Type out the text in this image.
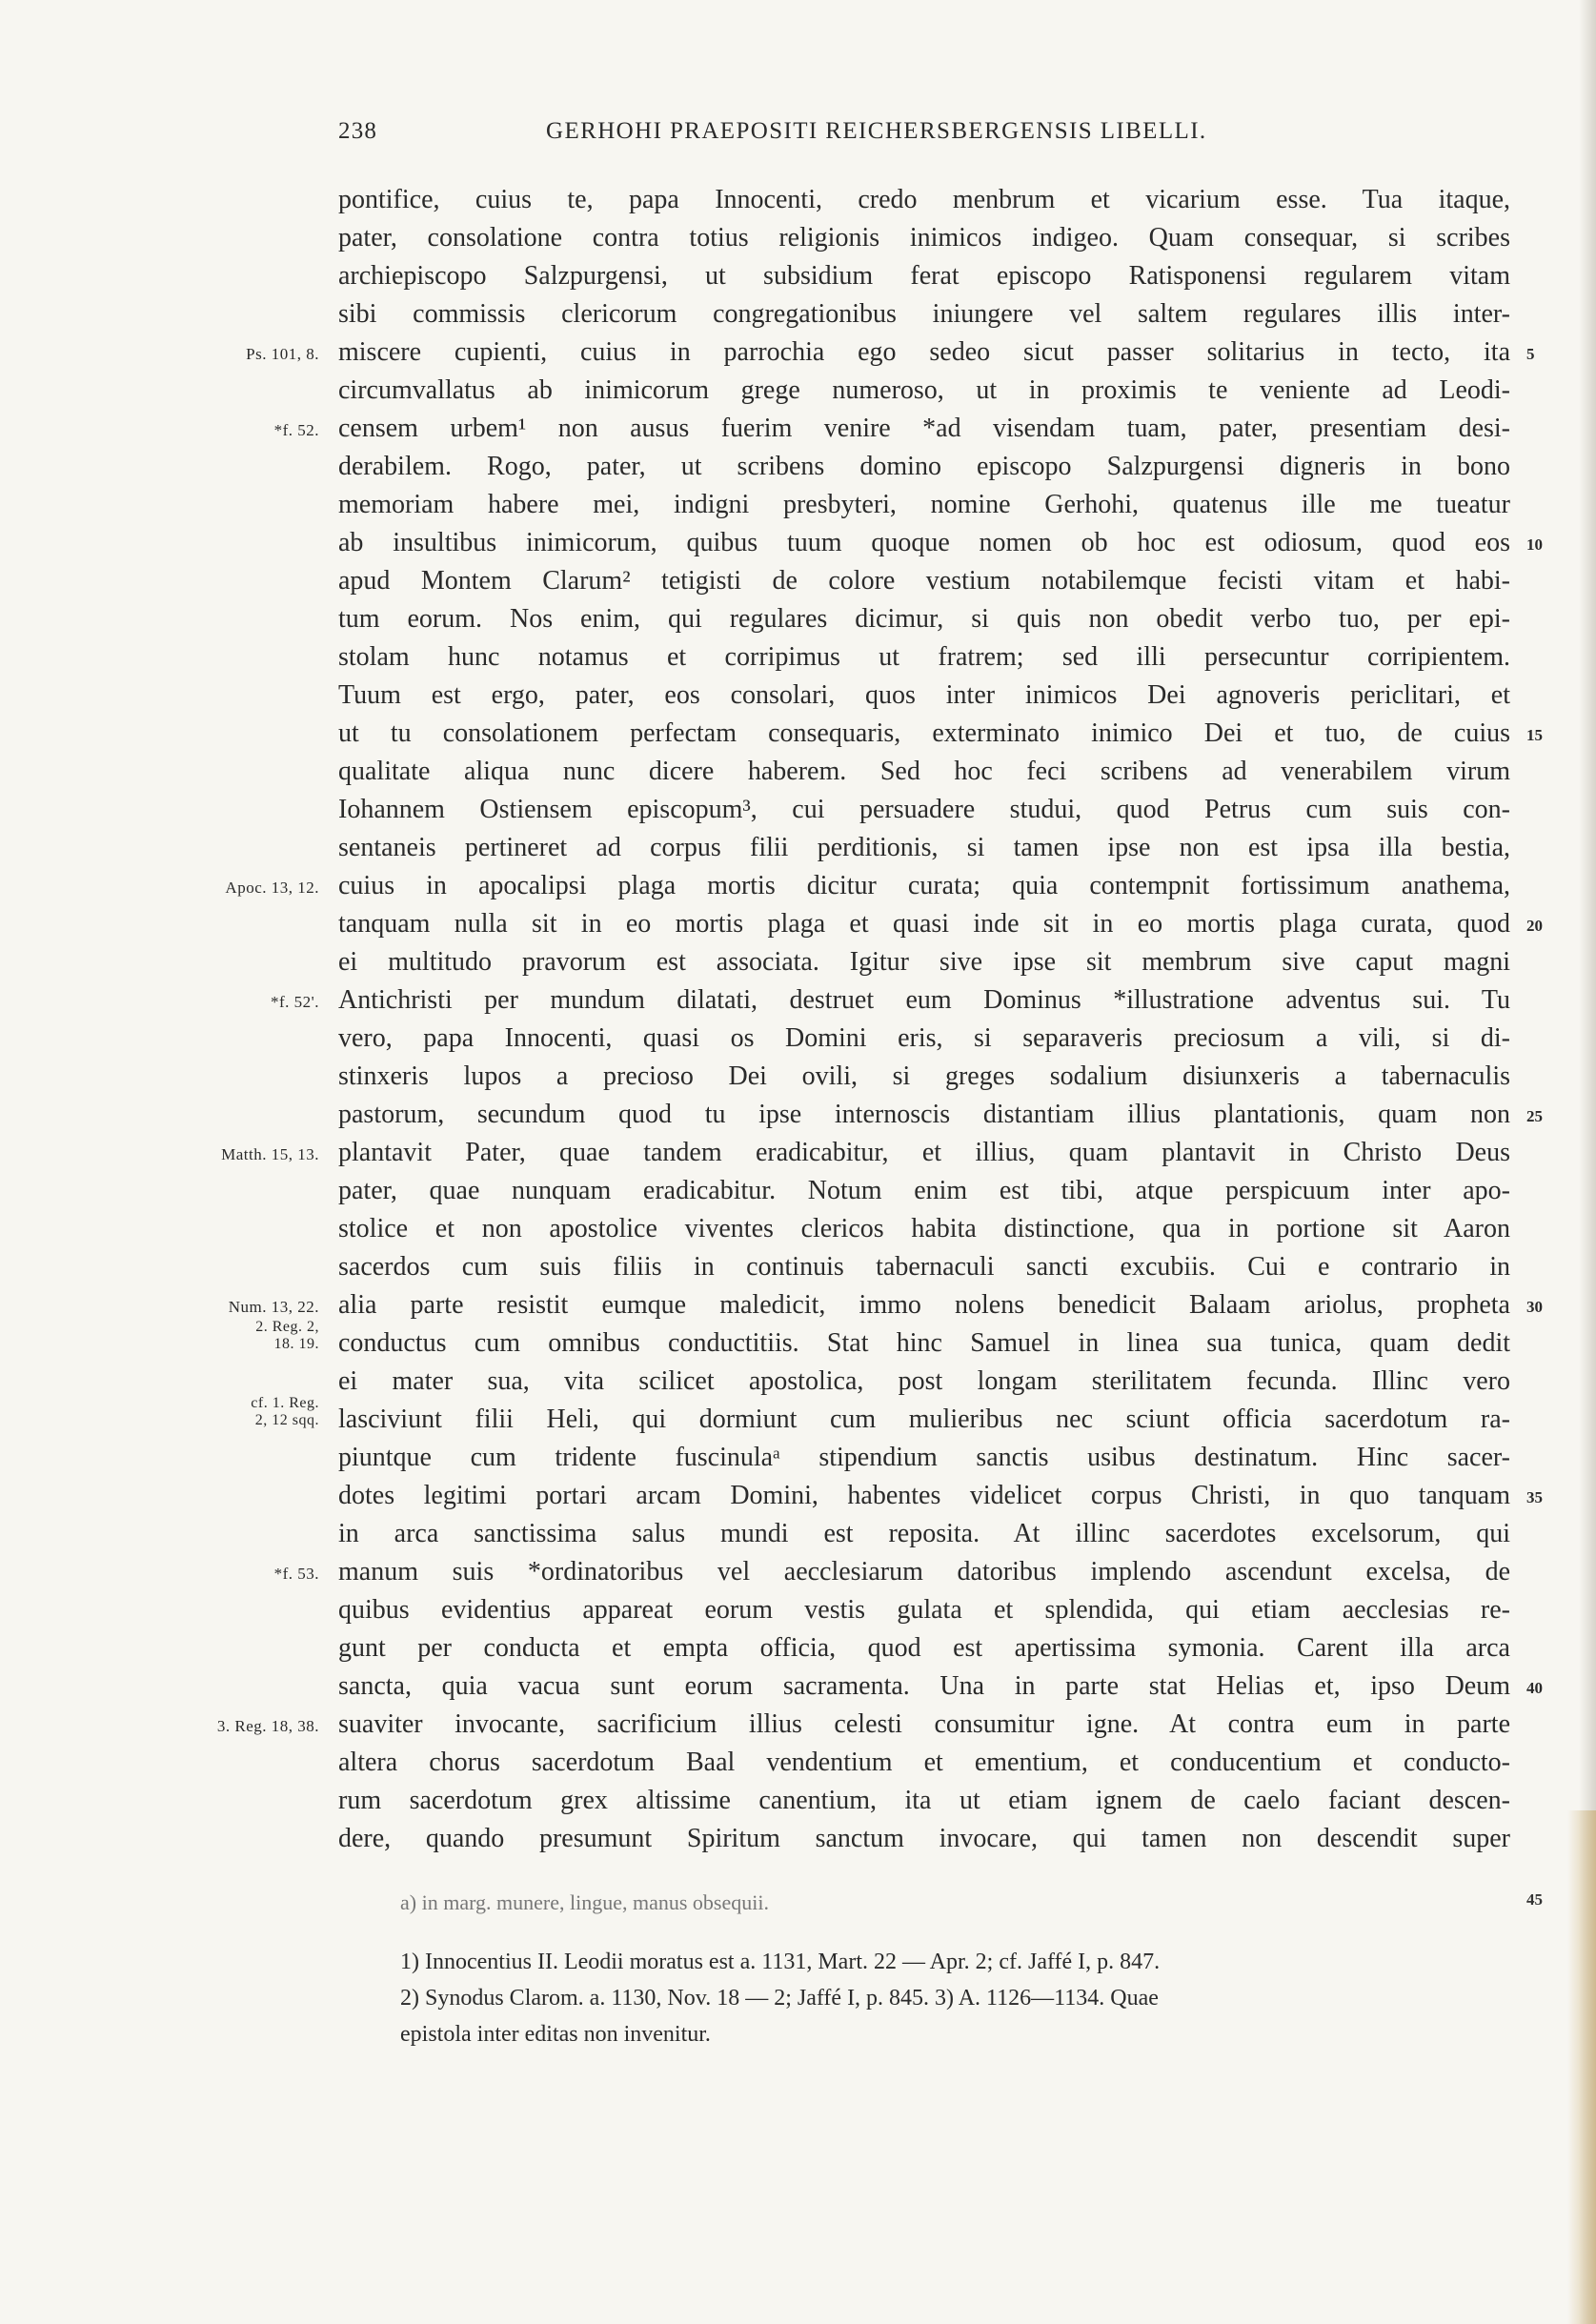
238	GERHOHI PRAEPOSITI REICHERSBERGENSIS LIBELLI.
pontifice, cuius te, papa Innocenti, credo menbrum et vicarium esse. Tua itaque,
pater, consolatione contra totius religionis inimicos indigeo. Quam consequar, si scribes
archiepiscopo Salzpurgensi, ut subsidium ferat episcopo Ratisponensi regularem vitam
sibi commissis clericorum congregationibus iniungere vel saltem regulares illis inter-
miscere cupienti, cuius in parrochia ego sedeo sicut passer solitarius in tecto, ita
Ps. 101, 8.	5
circumvallatus ab inimicorum grege numeroso, ut in proximis te veniente ad Leodi-
censem urbem¹ non ausus fuerim venire *ad visendam tuam, pater, presentiam desi-
*f. 52.
derabilem. Rogo, pater, ut scribens domino episcopo Salzpurgensi digneris in bono
memoriam habere mei, indigni presbyteri, nomine Gerhohi, quatenus ille me tueatur
ab insultibus inimicorum, quibus tuum quoque nomen ob hoc est odiosum, quod eos 10
apud Montem Clarum² tetigisti de colore vestium notabilemque fecisti vitam et habi-
tum eorum. Nos enim, qui regulares dicimur, si quis non obedit verbo tuo, per epi-
stolam hunc notamus et corripimus ut fratrem; sed illi persecuntur corripientem.
Tuum est ergo, pater, eos consolari, quos inter inimicos Dei agnoveris periclitari, et
ut tu consolationem perfectam consequaris, exterminato inimico Dei et tuo, de cuius 15
qualitate aliqua nunc dicere haberem. Sed hoc feci scribens ad venerabilem virum
Iohannem Ostiensem episcopum³, cui persuadere studui, quod Petrus cum suis con-
sentaneis pertineret ad corpus filii perditionis, si tamen ipse non est ipsa illa bestia,
cuius in apocalipsi plaga mortis dicitur curata; quia contempnit fortissimum anathema,
Apoc. 13, 12.
tanquam nulla sit in eo mortis plaga et quasi inde sit in eo mortis plaga curata, quod 20
ei multitudo pravorum est associata. Igitur sive ipse sit membrum sive caput magni
Antichristi per mundum dilatati, destruet eum Dominus *illustratione adventus sui. Tu
*f. 52'.
vero, papa Innocenti, quasi os Domini eris, si separaveris preciosum a vili, si di-
stinxeris lupos a precioso Dei ovili, si greges sodalium disiunxeris a tabernaculis
pastorum, secundum quod tu ipse internoscis distantiam illius plantationis, quam non 25
plantavit Pater, quae tandem eradicabitur, et illius, quam plantavit in Christo Deus
Matth. 15, 13.
pater, quae nunquam eradicabitur. Notum enim est tibi, atque perspicuum inter apo-
stolice et non apostolice viventes clericos habita distinctione, qua in portione sit Aaron
sacerdos cum suis filiis in continuis tabernaculi sancti excubiis. Cui e contrario in
alia parte resistit eumque maledicit, immo nolens benedicit Balaam ariolus, propheta
Num. 13, 22.	30
conductus cum omnibus conductitiis. Stat hinc Samuel in linea sua tunica, quam dedit
2. Reg. 2,
18. 19.
ei mater sua, vita scilicet apostolica, post longam sterilitatem fecunda. Illinc vero
lasciviunt filii Heli, qui dormiunt cum mulieribus nec sciunt officia sacerdotum ra-
cf. 1. Reg.
2, 12 sqq.
piuntque cum tridente fuscinulaᵃ stipendium sanctis usibus destinatum. Hinc sacer-
dotes legitimi portari arcam Domini, habentes videlicet corpus Christi, in quo tanquam 35
in arca sanctissima salus mundi est reposita. At illinc sacerdotes excelsorum, qui
manum suis *ordinatoribus vel aecclesiarum datoribus implendo ascendunt excelsa, de
*f. 53.
quibus evidentius appareat eorum vestis gulata et splendida, qui etiam aecclesias re-
gunt per conducta et empta officia, quod est apertissima symonia. Carent illa arca
sancta, quia vacua sunt eorum sacramenta. Una in parte stat Helias et, ipso Deum 40
suaviter invocante, sacrificium illius celesti consumitur igne. At contra eum in parte
3. Reg. 18, 38.
altera chorus sacerdotum Baal vendentium et ementium, et conducentium et conducto-
rum sacerdotum grex altissime canentium, ita ut etiam ignem de caelo faciant descen-
dere, quando presumunt Spiritum sanctum invocare, qui tamen non descendit super
a) in marg. munere, lingue, manus obsequii.	45
1) Innocentius II. Leodii moratus est a. 1131, Mart. 22 — Apr. 2; cf. Jaffé I, p. 847.
2) Synodus Clarom. a. 1130, Nov. 18 — 2; Jaffé I, p. 845. 3) A. 1126—1134. Quae
epistola inter editas non invenitur.
